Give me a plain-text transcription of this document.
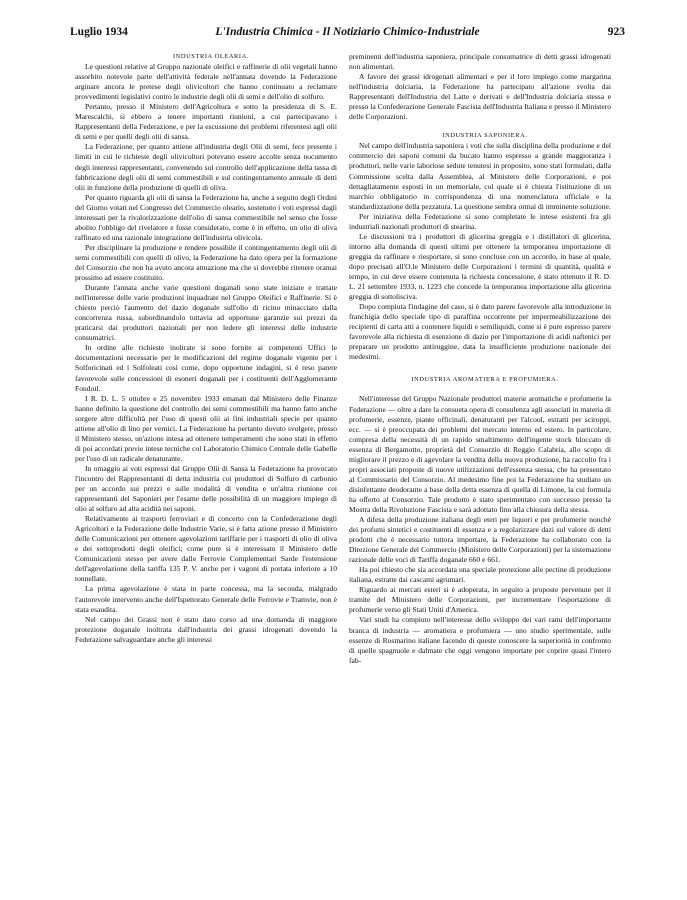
Luglio 1934	L'Industria Chimica - Il Notiziario Chimico-Industriale	923

INDUSTRIA OLEARIA.

Le questioni relative al Gruppo nazionale oleifici e raffinerie di olii vegetali hanno assorbito notevole parte dell'attività federale nell'annata dovendo la Federazione arginare ancora le pretese degli olivicoltori che hanno continuato a reclamare provvedimenti legislativi contro le industrie degli olii di semi e dell'olio di solfuro.

Pertanto, presso il Ministero dell'Agricoltura e sotto la presidenza di S. E. Marescalchi, si ebbero a tenere importanti riunioni, a cui partecipavano i Rappresentanti della Federazione, e per la escussione dei problemi riferentesi agli olii di semi e per quelli degli olii di sansa.

La Federazione, per quanto attiene all'industria degli Olii di semi, fece presente i limiti in cui le richieste degli olivicoltori potevano essere accolte senza nocumento degli interessi rappresentanti, convenendo sul controllo dell'applicazione della tassa di fabbricazione degli olii di semi commestibili e sul contingentamento annuale di detti olii in funzione della produzione di quelli di oliva.

Per quanto riguarda gli olii di sansa la Federazione ha, anche a seguito degli Ordini del Giorno votati nel Congresso del Commercio oleario, sostenuto i voti espressi dagli interessati per la rivalorizzazione dell'olio di sansa commestibile nel senso che fosse abolito l'obbligo del rivelatore e fosse considerato, come è in effetto, un olio di oliva raffinato ed una razionale integrazione dell'industria olivicola.

Per disciplinare la produzione e rendere possibile il contingentamento degli olii di semi commestibili con quelli di olivo, la Federazione ha dato opera per la formazione del Consorzio che non ha avuto ancora attuazione ma che si dovrebbe ritenere oramai prossimo ad essere costituito.

Durante l'annata anche varie questioni doganali sono state iniziate e trattate nell'interesse delle varie produzioni inquadrate nel Gruppo Oleifici e Raffinerie. Si è chiesto perciò l'aumento del dazio doganale sull'olio di ricino minacciato dalla concorrenza russa, subordinandolo tuttavia ad opportune garanzie sui prezzi da praticarsi dai produttori nazionali per non ledere gli interessi delle industrie consumatrici.

In ordine alle richieste inoltrate si sono fornite ai competenti Uffici le documentazioni necessarie per le modificazioni del regime doganale vigente per i Solforicinati ed i Solfoleati così come, dopo opportune indagini, si è reso parere favorevole sulle concessioni di esoneri doganali per i costituenti dell'Agglomerante Fondoil.

I R. D. L. 5 ottobre e 25 novembre 1933 emanati dal Ministero delle Finanze hanno definito la questione del controllo dei semi commestibili ma hanno fatto anche sorgere altre difficoltà per l'uso di questi olii ai fini industriali specie per quanto attiene all'olio di lino per vernici. La Federazione ha pertanto dovuto svolgere, presso il Ministero stesso, un'azione intesa ad ottenere temperamenti che sono stati in effetto di poi accordati previe intese tecniche col Laboratorio Chimico Centrale delle Gabelle per l'uso di un radicale denaturante.

In omaggio ai voti espressi dal Gruppo Olii di Sansa la Federazione ha provocato l'incontro dei Rappresentanti di detta industria coi produttori di Solfuro di carbonio per un accordo sui prezzi e sulle modalità di vendita e un'altra riunione coi rappresentanti del Saponieri per l'esame delle possibilità di un maggiore impiego di olio al solfuro ad alta acidità nei saponi.

Relativamente ai trasporti ferroviari e di concerto con la Confederazione degli Agricoltori e la Federazione delle Industrie Varie, si è fatta azione presso il Ministero delle Comunicazioni per ottenere agevolazioni tariffarie per i trasporti di olio di oliva e dei sottoprodotti degli oleifici; come pure si è interessato il Ministero delle Comunicazioni stesso per avere dalle Ferrovie Complementari Sarde l'estensione dell'agevolazione della tariffa 135 P. V. anche per i vagoni di portata inferiore a 10 tonnellate.

La prima agevolazione è stata in parte concessa, ma la seconda, malgrado l'autorevole intervento anche dell'Ispettorato Generale delle Ferrovie e Tramvie, non è stata esaudita.

Nel campo dei Grassi non è stato dato corso ad una domanda di maggiore protezione doganale inoltrata dall'industria dei grassi idrogenati dovendo la Federazione salvaguardare anche gli interessi

preminenti dell'industria saponiera, principale consumatrice di detti grassi idrogenati non alimentari.

A favore dei grassi idrogenati alimentari e per il loro impiego come margarina nell'industria dolciaria, la Federazione ha partecipato all'azione svolta dai Rappresentanti dell'Industria del Latte e derivati e dell'Industria dolciaria stessa e presso la Confederazione Generale Fascista dell'Industria Italiana e presso il Ministero delle Corporazioni.

INDUSTRIA SAPONIERA.

Nel campo dell'industria saponiera i voti che sulla disciplina della produzione e del commercio dei saponi comuni da bucato hanno espresso a grande maggioranza i produttori, nelle varie laboriose sedute tenutesi in proposito, sono stati formulati, dalla Commissione scelta dalla Assemblea, al Ministero delle Corporazioni, e poi dettagliatamente esposti in un memoriale, col quale si è chiesta l'istituzione di un marchio obbligatorio in corrispondenza di una nomenclatura ufficiale e la standardizzazione della pezzatura. La questione sembra ormai di imminente soluzione.

Per iniziativa della Federazione si sono completate le intese esistenti fra gli industriali nazionali produttori di stearina.

Le discussioni tra i produttori di glicerina greggia e i distillatori di glicerina, intorno alla domanda di questi ultimi per ottenere la temporanea importazione di greggia da raffinare e riesportare, si sono concluse con un accordo, in base al quale, dopo precisati all'O.le Ministero delle Corporazioni i termini di quantità, qualità e tempo, in cui deve essere contenuta la richiesta concessione, è stato ottenuto il R. D. L. 21 settembre 1933, n. 1223 che concede la temporanea importazione alla glicerina greggia di sottolisciva.

Dopo compiuta l'indagine del caso, si è dato parere favorevole alla introduzione in franchigia dello speciale tipo di paraffina occorrente per impermeabilizzazione dei recipienti di carta atti a contenere liquidi e semiliquidi, come si è pure espresso parere favorevole alla richiesta di esenzione di dazio per l'importazione di acidi naftenici per preparare un prodotto antiruggine, data la insufficiente produzione nazionale dei medesimi.

INDUSTRIA AROMATIERA E PROFUMIERA.

Nell'interesse del Gruppo Nazionale produttori materie aromatiche e profumerie la Federazione — oltre a dare la consueta opera di consulenza agli associati in materia di profumerie, essenze, piante officinali, denaturanti per l'alcool, estratti per sciroppi, ecc. — si è preoccupata dei problemi del mercato interno ed estero. In particolare, compresa della necessità di un rapido smaltimento dell'ingente stock bloccato di essenza di Bergamotto, proprietà del Consorzio di Reggio Calabria, allo scopo di migliorare il prezzo e di agevolare la vendita della nuova produzione, ha raccolto fra i propri associati proposte di nuove utilizzazioni dell'essenza stessa, che ha presentato al Commissario del Consorzio. Al medesimo fine poi la Federazione ha studiato un disinfettante deodorante a base della detta essenza di quella di Limone, la cui formula ha offerto al Consorzio. Tale prodotto è stato sperimentato con successo presso la Mostra della Rivoluzione Fascista e sarà adottato fino alla chiusura della stessa.

A difesa della produzione italiana degli eteri per liquori e per profumerie nonchè dei profumi sintetici e costituenti di essenza e a regolarizzare dazi sul valore di detti prodotti che è necessario tuttora importare, la Federazione ha collaborato con la Direzione Generale del Commercio (Ministero delle Corporazioni) per la sistemazione razionale delle voci di Tariffa doganale 660 e 661.

Ha poi chiesto che sia accordata una speciale protezione alle pectine di produzione italiana, estratte dai cascami agrumari.

Riguardo ai mercati esteri si è adoperata, in seguito a proposte pervenute per il tramite del Ministero delle Corporazioni, per incrementare l'esportazione di profumerie verso gli Stati Uniti d'America.

Vari studi ha compiuto nell'interesse dello sviluppo dei vari rami dell'importante branca di industria — aromatiera e profumiera — uno studio sperimentale, sulle essenze di Rosmarino italiane facendo di queste conoscere la superiorità in confronto di quelle spagnuole e dalmate che oggi vengono importate per coprire quasi l'intero fab-
